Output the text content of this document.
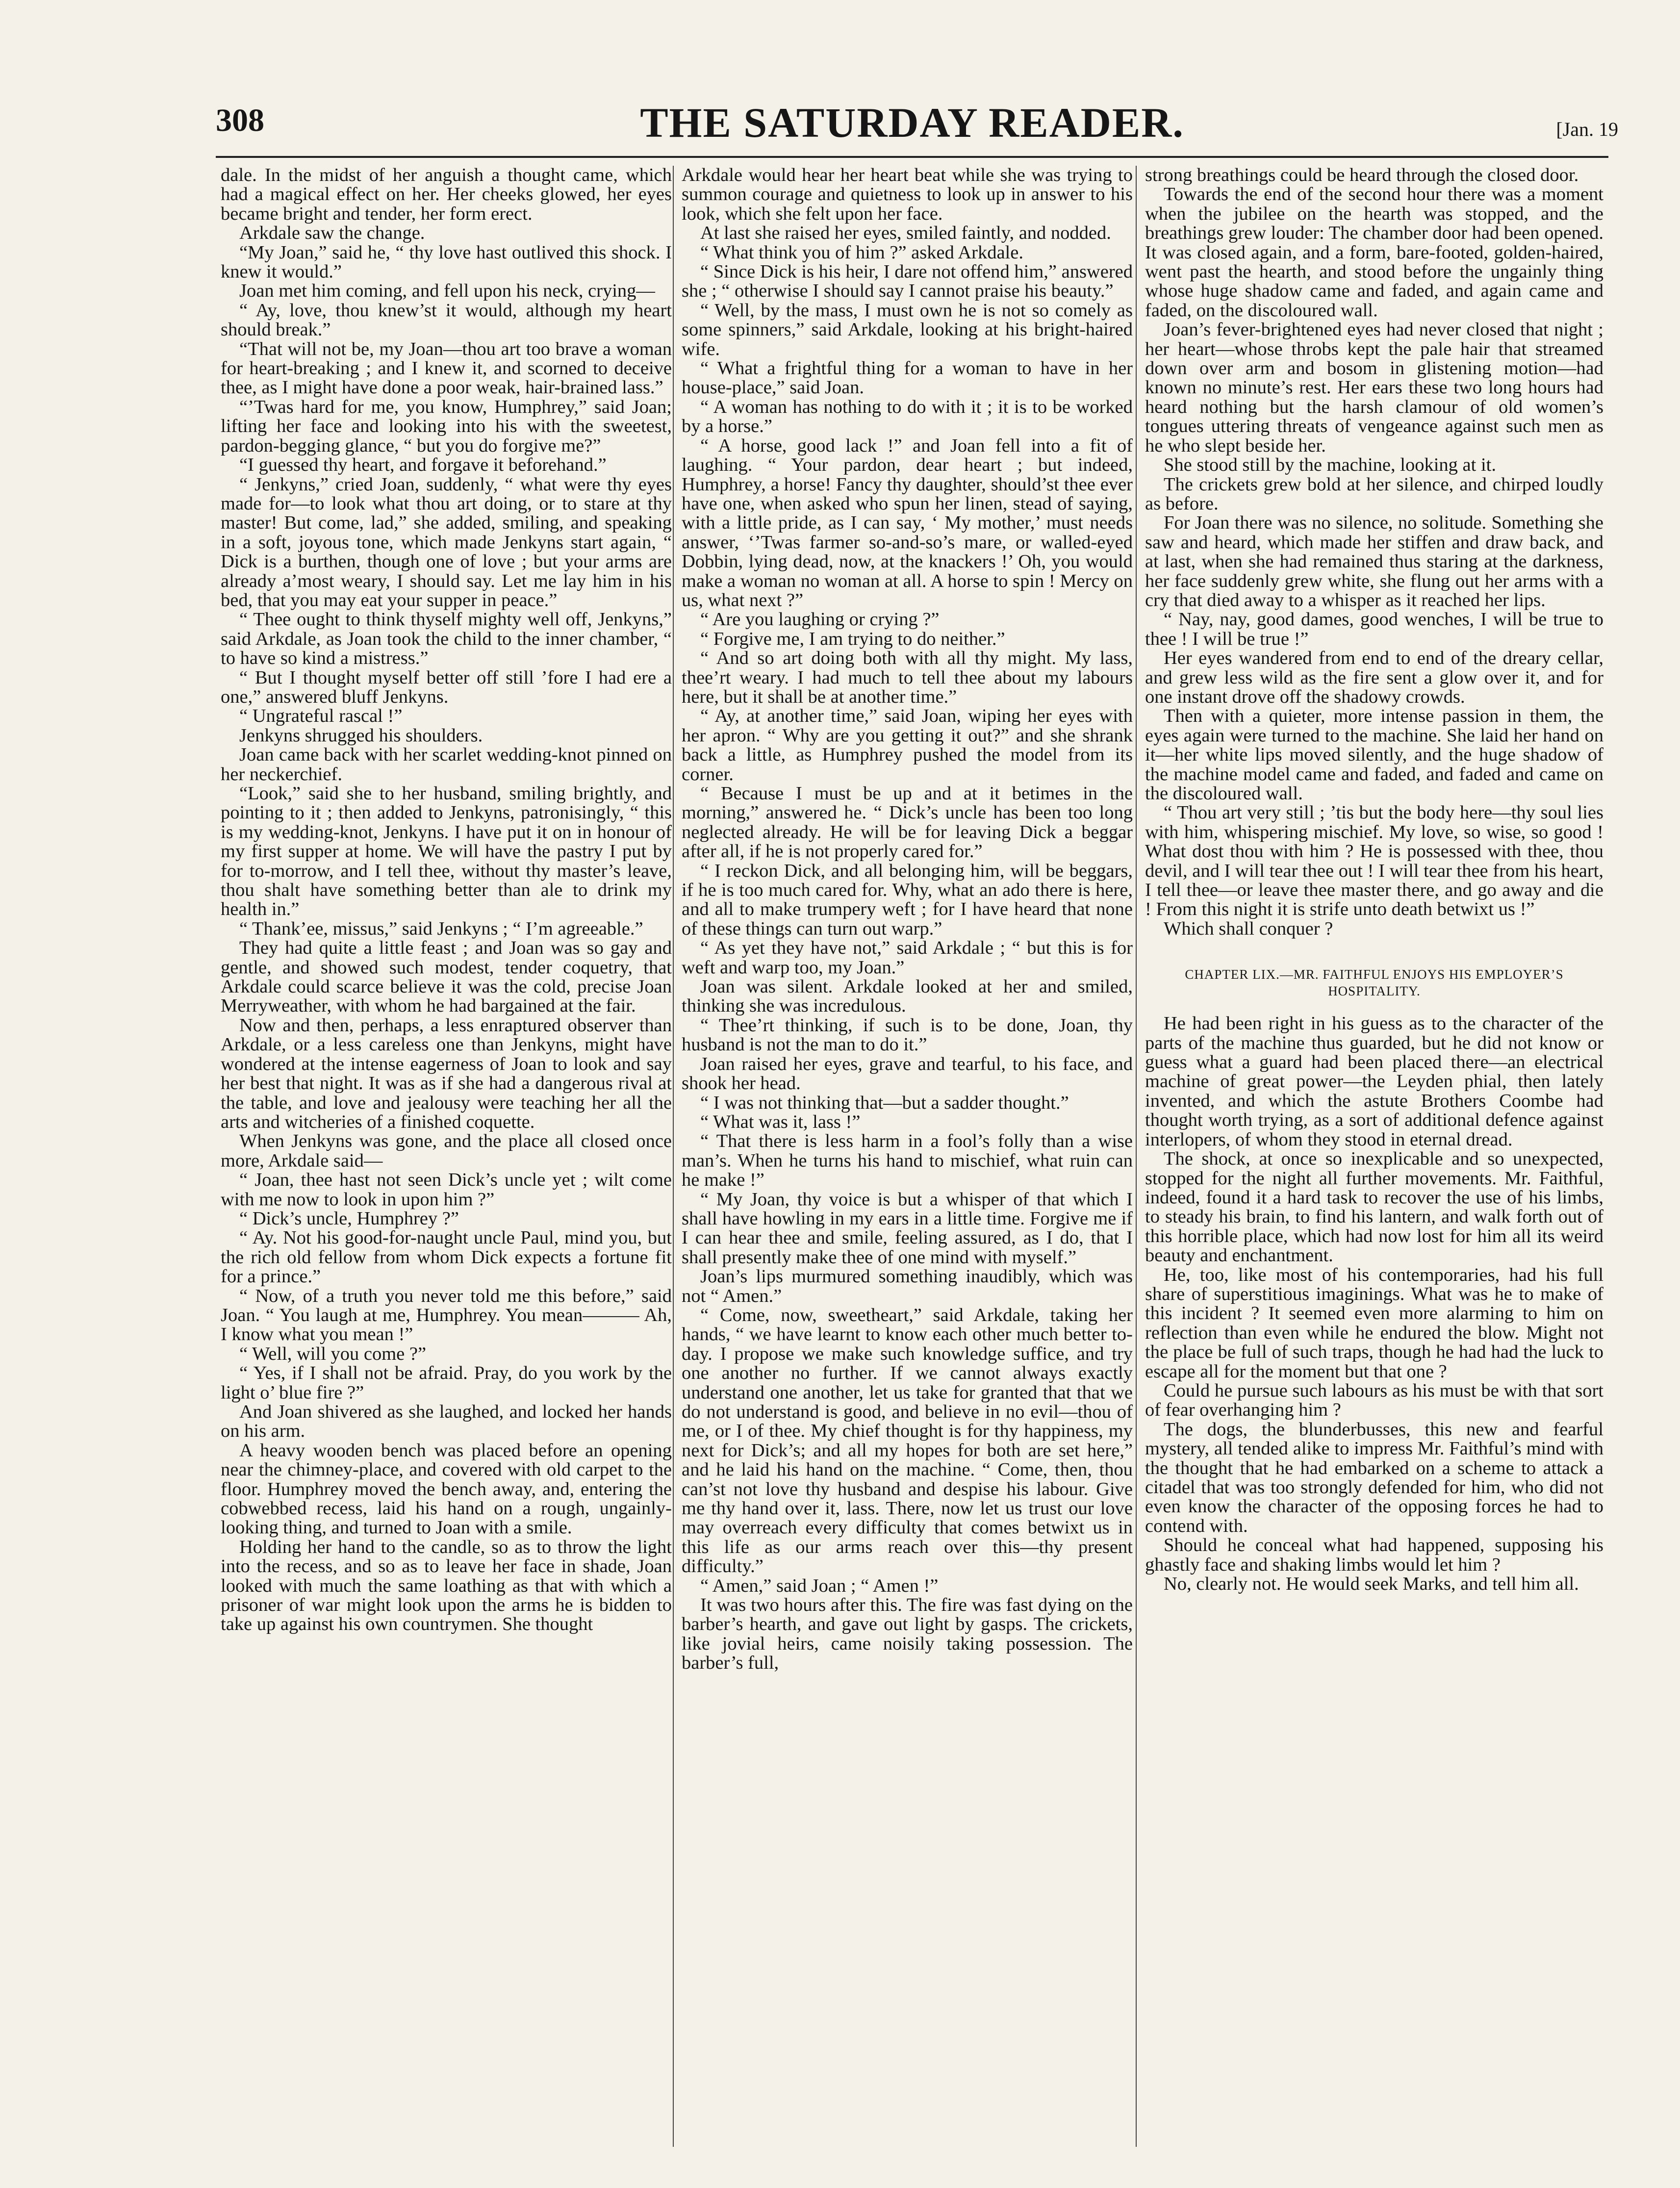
308	THE SATURDAY READER.	[Jan. 19

dale. In the midst of her anguish a thought came, which had a magical effect on her. Her cheeks glowed, her eyes became bright and tender, her form erect.

Arkdale saw the change.

“My Joan,” said he, “ thy love hast outlived this shock. I knew it would.”

Joan met him coming, and fell upon his neck, crying—

“ Ay, love, thou knew’st it would, although my heart should break.”

“That will not be, my Joan—thou art too brave a woman for heart-breaking ; and I knew it, and scorned to deceive thee, as I might have done a poor weak, hair-brained lass.”

“’Twas hard for me, you know, Humphrey,” said Joan; lifting her face and looking into his with the sweetest, pardon-begging glance, “ but you do forgive me?”

“I guessed thy heart, and forgave it beforehand.”

“ Jenkyns,” cried Joan, suddenly, “ what were thy eyes made for—to look what thou art doing, or to stare at thy master! But come, lad,” she added, smiling, and speaking in a soft, joyous tone, which made Jenkyns start again, “ Dick is a burthen, though one of love ; but your arms are already a’most weary, I should say. Let me lay him in his bed, that you may eat your supper in peace.”

“ Thee ought to think thyself mighty well off, Jenkyns,” said Arkdale, as Joan took the child to the inner chamber, “ to have so kind a mistress.”

“ But I thought myself better off still ’fore I had ere a one,” answered bluff Jenkyns.

“ Ungrateful rascal !”

Jenkyns shrugged his shoulders.

Joan came back with her scarlet wedding-knot pinned on her neckerchief.

“Look,” said she to her husband, smiling brightly, and pointing to it ; then added to Jenkyns, patronisingly, “ this is my wedding-knot, Jenkyns. I have put it on in honour of my first supper at home. We will have the pastry I put by for to-morrow, and I tell thee, without thy master’s leave, thou shalt have something better than ale to drink my health in.”

“ Thank’ee, missus,” said Jenkyns ; “ I’m agreeable.”

They had quite a little feast ; and Joan was so gay and gentle, and showed such modest, tender coquetry, that Arkdale could scarce believe it was the cold, precise Joan Merryweather, with whom he had bargained at the fair.

Now and then, perhaps, a less enraptured observer than Arkdale, or a less careless one than Jenkyns, might have wondered at the intense eagerness of Joan to look and say her best that night. It was as if she had a dangerous rival at the table, and love and jealousy were teaching her all the arts and witcheries of a finished coquette.

When Jenkyns was gone, and the place all closed once more, Arkdale said—

“ Joan, thee hast not seen Dick’s uncle yet ; wilt come with me now to look in upon him ?”

“ Dick’s uncle, Humphrey ?”

“ Ay. Not his good-for-naught uncle Paul, mind you, but the rich old fellow from whom Dick expects a fortune fit for a prince.”

“ Now, of a truth you never told me this before,” said Joan. “ You laugh at me, Humphrey. You mean——— Ah, I know what you mean !”

“ Well, will you come ?”

“ Yes, if I shall not be afraid. Pray, do you work by the light o’ blue fire ?”

And Joan shivered as she laughed, and locked her hands on his arm.

A heavy wooden bench was placed before an opening near the chimney-place, and covered with old carpet to the floor. Humphrey moved the bench away, and, entering the cobwebbed recess, laid his hand on a rough, ungainly-looking thing, and turned to Joan with a smile.

Holding her hand to the candle, so as to throw the light into the recess, and so as to leave her face in shade, Joan looked with much the same loathing as that with which a prisoner of war might look upon the arms he is bidden to take up against his own countrymen. She thought

Arkdale would hear her heart beat while she was trying to summon courage and quietness to look up in answer to his look, which she felt upon her face.

At last she raised her eyes, smiled faintly, and nodded.

“ What think you of him ?” asked Arkdale.

“ Since Dick is his heir, I dare not offend him,” answered she ; “ otherwise I should say I cannot praise his beauty.”

“ Well, by the mass, I must own he is not so comely as some spinners,” said Arkdale, looking at his bright-haired wife.

“ What a frightful thing for a woman to have in her house-place,” said Joan.

“ A woman has nothing to do with it ; it is to be worked by a horse.”

“ A horse, good lack !” and Joan fell into a fit of laughing. “ Your pardon, dear heart ; but indeed, Humphrey, a horse! Fancy thy daughter, should’st thee ever have one, when asked who spun her linen, stead of saying, with a little pride, as I can say, ‘ My mother,’ must needs answer, ‘’Twas farmer so-and-so’s mare, or walled-eyed Dobbin, lying dead, now, at the knackers !’ Oh, you would make a woman no woman at all. A horse to spin ! Mercy on us, what next ?”

“ Are you laughing or crying ?”

“ Forgive me, I am trying to do neither.”

“ And so art doing both with all thy might. My lass, thee’rt weary. I had much to tell thee about my labours here, but it shall be at another time.”

“ Ay, at another time,” said Joan, wiping her eyes with her apron. “ Why are you getting it out?” and she shrank back a little, as Humphrey pushed the model from its corner.

“ Because I must be up and at it betimes in the morning,” answered he. “ Dick’s uncle has been too long neglected already. He will be for leaving Dick a beggar after all, if he is not properly cared for.”

“ I reckon Dick, and all belonging him, will be beggars, if he is too much cared for. Why, what an ado there is here, and all to make trumpery weft ; for I have heard that none of these things can turn out warp.”

“ As yet they have not,” said Arkdale ; “ but this is for weft and warp too, my Joan.”

Joan was silent. Arkdale looked at her and smiled, thinking she was incredulous.

“ Thee’rt thinking, if such is to be done, Joan, thy husband is not the man to do it.”

Joan raised her eyes, grave and tearful, to his face, and shook her head.

“ I was not thinking that—but a sadder thought.”

“ What was it, lass !”

“ That there is less harm in a fool’s folly than a wise man’s. When he turns his hand to mischief, what ruin can he make !”

“ My Joan, thy voice is but a whisper of that which I shall have howling in my ears in a little time. Forgive me if I can hear thee and smile, feeling assured, as I do, that I shall presently make thee of one mind with myself.”

Joan’s lips murmured something inaudibly, which was not “ Amen.”

“ Come, now, sweetheart,” said Arkdale, taking her hands, “ we have learnt to know each other much better to-day. I propose we make such knowledge suffice, and try one another no further. If we cannot always exactly understand one another, let us take for granted that that we do not understand is good, and believe in no evil—thou of me, or I of thee. My chief thought is for thy happiness, my next for Dick’s; and all my hopes for both are set here,” and he laid his hand on the machine. “ Come, then, thou can’st not love thy husband and despise his labour. Give me thy hand over it, lass. There, now let us trust our love may overreach every difficulty that comes betwixt us in this life as our arms reach over this—thy present difficulty.”

“ Amen,” said Joan ; “ Amen !”

It was two hours after this. The fire was fast dying on the barber’s hearth, and gave out light by gasps. The crickets, like jovial heirs, came noisily taking possession. The barber’s full,

strong breathings could be heard through the closed door.

Towards the end of the second hour there was a moment when the jubilee on the hearth was stopped, and the breathings grew louder: The chamber door had been opened. It was closed again, and a form, bare-footed, golden-haired, went past the hearth, and stood before the ungainly thing whose huge shadow came and faded, and again came and faded, on the discoloured wall.

Joan’s fever-brightened eyes had never closed that night ; her heart—whose throbs kept the pale hair that streamed down over arm and bosom in glistening motion—had known no minute’s rest. Her ears these two long hours had heard nothing but the harsh clamour of old women’s tongues uttering threats of vengeance against such men as he who slept beside her.

She stood still by the machine, looking at it.

The crickets grew bold at her silence, and chirped loudly as before.

For Joan there was no silence, no solitude. Something she saw and heard, which made her stiffen and draw back, and at last, when she had remained thus staring at the darkness, her face suddenly grew white, she flung out her arms with a cry that died away to a whisper as it reached her lips.

“ Nay, nay, good dames, good wenches, I will be true to thee ! I will be true !”

Her eyes wandered from end to end of the dreary cellar, and grew less wild as the fire sent a glow over it, and for one instant drove off the shadowy crowds.

Then with a quieter, more intense passion in them, the eyes again were turned to the machine. She laid her hand on it—her white lips moved silently, and the huge shadow of the machine model came and faded, and faded and came on the discoloured wall.

“ Thou art very still ; ’tis but the body here—thy soul lies with him, whispering mischief. My love, so wise, so good ! What dost thou with him ? He is possessed with thee, thou devil, and I will tear thee out ! I will tear thee from his heart, I tell thee—or leave thee master there, and go away and die ! From this night it is strife unto death betwixt us !”

Which shall conquer ?

CHAPTER LIX.—MR. FAITHFUL ENJOYS HIS EMPLOYER’S HOSPITALITY.

He had been right in his guess as to the character of the parts of the machine thus guarded, but he did not know or guess what a guard had been placed there—an electrical machine of great power—the Leyden phial, then lately invented, and which the astute Brothers Coombe had thought worth trying, as a sort of additional defence against interlopers, of whom they stood in eternal dread.

The shock, at once so inexplicable and so unexpected, stopped for the night all further movements. Mr. Faithful, indeed, found it a hard task to recover the use of his limbs, to steady his brain, to find his lantern, and walk forth out of this horrible place, which had now lost for him all its weird beauty and enchantment.

He, too, like most of his contemporaries, had his full share of superstitious imaginings. What was he to make of this incident ? It seemed even more alarming to him on reflection than even while he endured the blow. Might not the place be full of such traps, though he had had the luck to escape all for the moment but that one ?

Could he pursue such labours as his must be with that sort of fear overhanging him ?

The dogs, the blunderbusses, this new and fearful mystery, all tended alike to impress Mr. Faithful’s mind with the thought that he had embarked on a scheme to attack a citadel that was too strongly defended for him, who did not even know the character of the opposing forces he had to contend with.

Should he conceal what had happened, supposing his ghastly face and shaking limbs would let him ?

No, clearly not. He would seek Marks, and tell him all.
